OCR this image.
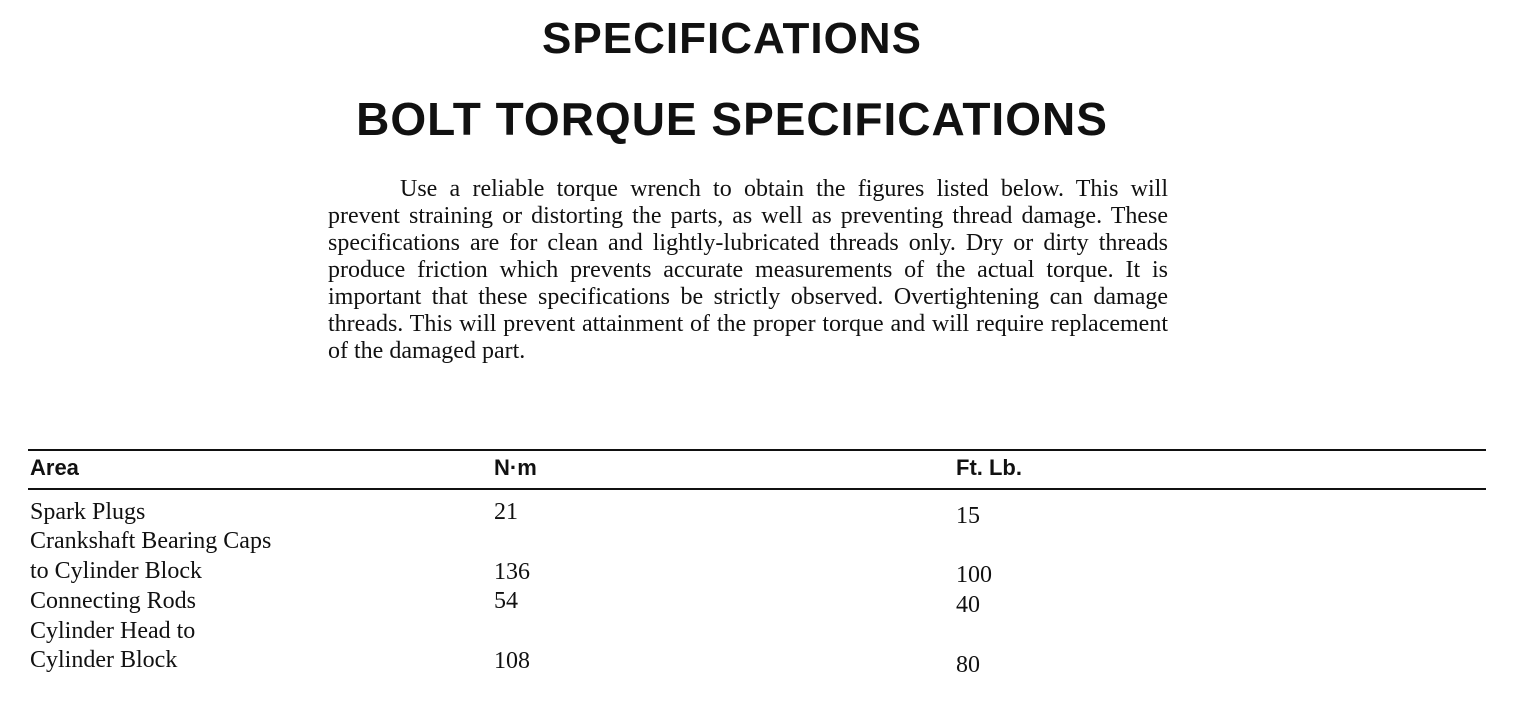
SPECIFICATIONS
BOLT TORQUE SPECIFICATIONS

Use a reliable torque wrench to obtain the figures listed below. This will prevent straining or distorting the parts, as well as preventing thread damage. These specifications are for clean and lightly-lubricated threads only. Dry or dirty threads produce friction which prevents accurate measurements of the actual torque. It is important that these specifications be strictly observed. Overtightening can damage threads. This will prevent attainment of the proper torque and will require replacement of the damaged part.

Area	N·m	Ft. Lb.
Spark Plugs	21	15
Crankshaft Bearing Caps
to Cylinder Block	136	100
Connecting Rods	54	40
Cylinder Head to
Cylinder Block	108	80
